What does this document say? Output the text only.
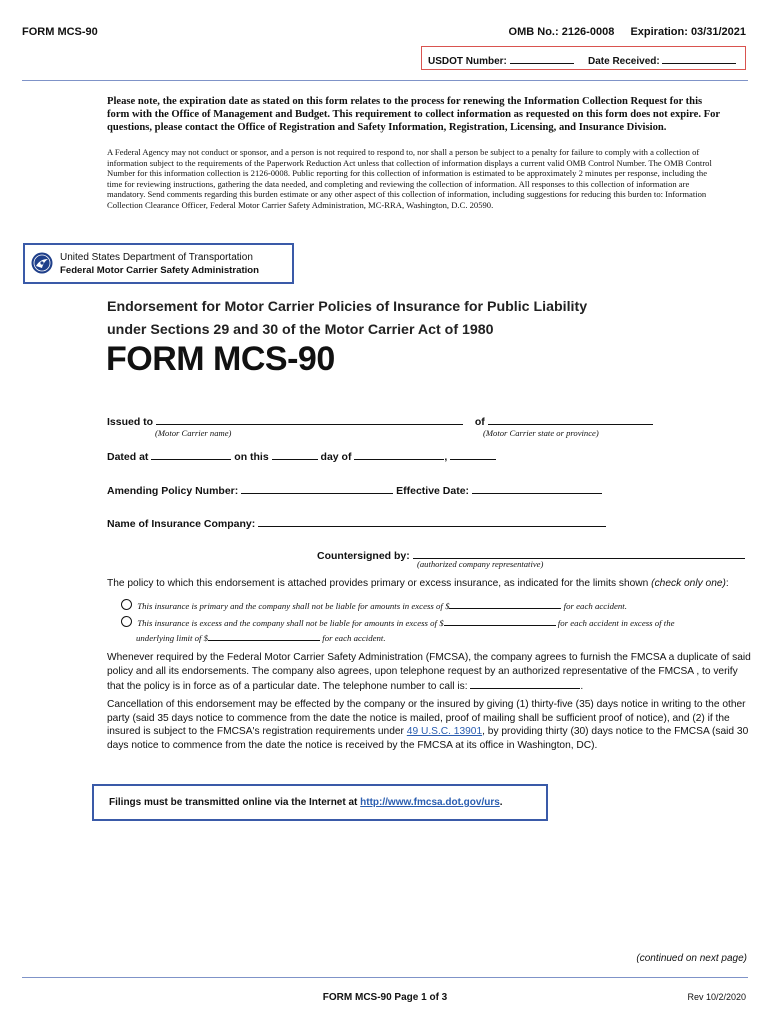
FORM MCS-90	OMB No.: 2126-0008 Expiration: 03/31/2021
USDOT Number:	Date Received:
Please note, the expiration date as stated on this form relates to the process for renewing the Information Collection Request for this form with the Office of Management and Budget. This requirement to collect information as requested on this form does not expire. For questions, please contact the Office of Registration and Safety Information, Registration, Licensing, and Insurance Division.
A Federal Agency may not conduct or sponsor, and a person is not required to respond to, nor shall a person be subject to a penalty for failure to comply with a collection of information subject to the requirements of the Paperwork Reduction Act unless that collection of information displays a current valid OMB Control Number. The OMB Control Number for this information collection is 2126-0008. Public reporting for this collection of information is estimated to be approximately 2 minutes per response, including the time for reviewing instructions, gathering the data needed, and completing and reviewing the collection of information. All responses to this collection of information are mandatory. Send comments regarding this burden estimate or any other aspect of this collection of information, including suggestions for reducing this burden to: Information Collection Clearance Officer, Federal Motor Carrier Safety Administration, MC-RRA, Washington, D.C. 20590.
United States Department of Transportation
Federal Motor Carrier Safety Administration
Endorsement for Motor Carrier Policies of Insurance for Public Liability
under Sections 29 and 30 of the Motor Carrier Act of 1980
FORM MCS-90
Issued to	of
(Motor Carrier name)	(Motor Carrier state or province)
Dated at	on this	day of	,
Amending Policy Number:	Effective Date:
Name of Insurance Company:
Countersigned by:
(authorized company representative)
The policy to which this endorsement is attached provides primary or excess insurance, as indicated for the limits shown (check only one):
This insurance is primary and the company shall not be liable for amounts in excess of $	for each accident.
This insurance is excess and the company shall not be liable for amounts in excess of $	for each accident in excess of the
underlying limit of $	for each accident.
Whenever required by the Federal Motor Carrier Safety Administration (FMCSA), the company agrees to furnish the FMCSA a duplicate of said policy and all its endorsements. The company also agrees, upon telephone request by an authorized representative of the FMCSA , to verify that the policy is in force as of a particular date. The telephone number to call is:	.
Cancellation of this endorsement may be effected by the company or the insured by giving (1) thirty-five (35) days notice in writing to the other party (said 35 days notice to commence from the date the notice is mailed, proof of mailing shall be sufficient proof of notice), and (2) if the insured is subject to the FMCSA's registration requirements under 49 U.S.C. 13901, by providing thirty (30) days notice to the FMCSA (said 30 days notice to commence from the date the notice is received by the FMCSA at its office in Washington, DC).
Filings must be transmitted online via the Internet at http://www.fmcsa.dot.gov/urs.
(continued on next page)
FORM MCS-90 Page 1 of 3	Rev 10/2/2020
